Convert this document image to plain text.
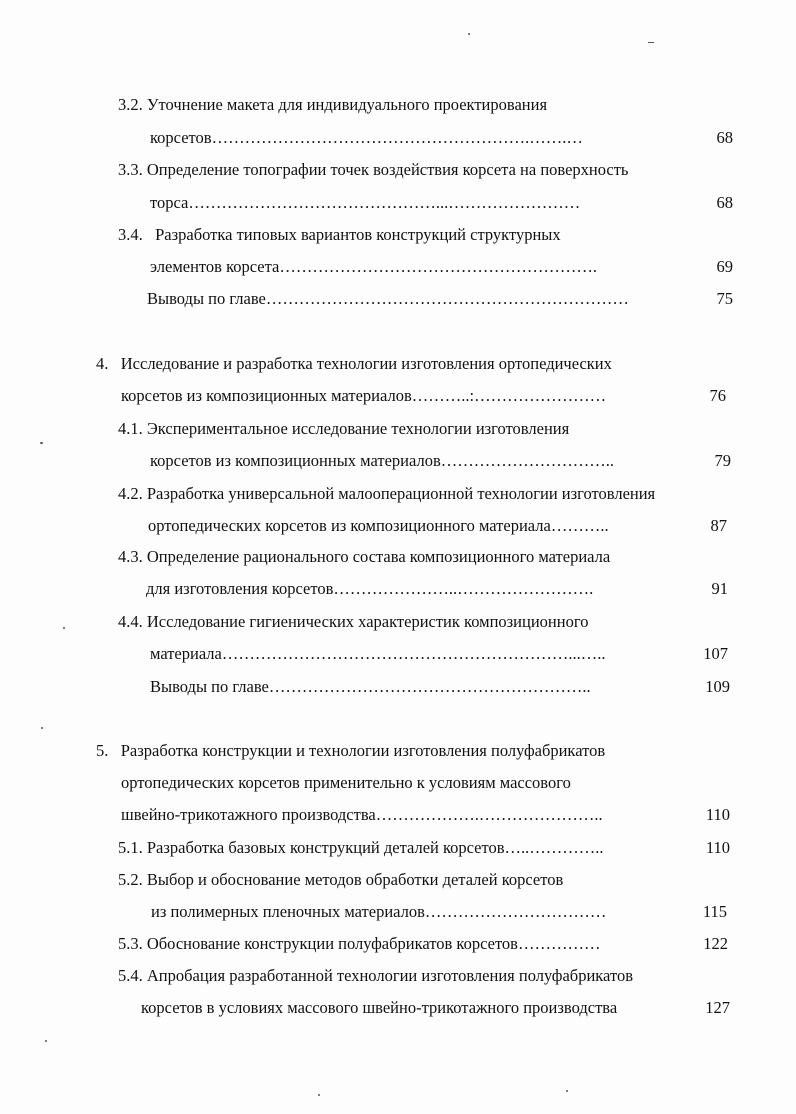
3.2. Уточнение макета для индивидуального проектирования
корсетов………………………………………………….…….…	68
3.3. Определение топографии точек воздействия корсета на поверхность
торса………………………………………...……………………	68
3.4. Разработка типовых вариантов конструкций структурных
элементов корсета………………………………………………….	69
Выводы по главе…………………………………………………………	75
4. Исследование и разработка технологии изготовления ортопедических
корсетов из композиционных материалов………..:……………………	76
4.1. Экспериментальное исследование технологии изготовления
корсетов из композиционных материалов…………………………..	79
4.2. Разработка универсальной малооперационной технологии изготовления
ортопедических корсетов из композиционного материала………..	87
4.3. Определение рационального состава композиционного материала
для изготовления корсетов…………………..…………………….	91
4.4. Исследование гигиенических характеристик композиционного
материала………………………………………………………...…..	107
Выводы по главе…………………………………………………..	109
5. Разработка конструкции и технологии изготовления полуфабрикатов
ортопедических корсетов применительно к условиям массового
швейно-трикотажного производства……………….…………………..	110
5.1. Разработка базовых конструкций деталей корсетов…..…………..	110
5.2. Выбор и обоснование методов обработки деталей корсетов
из полимерных пленочных материалов……………………………	115
5.3. Обоснование конструкции полуфабрикатов корсетов……………	122
5.4. Апробация разработанной технологии изготовления полуфабрикатов
корсетов в условиях массового швейно-трикотажного производства	127
